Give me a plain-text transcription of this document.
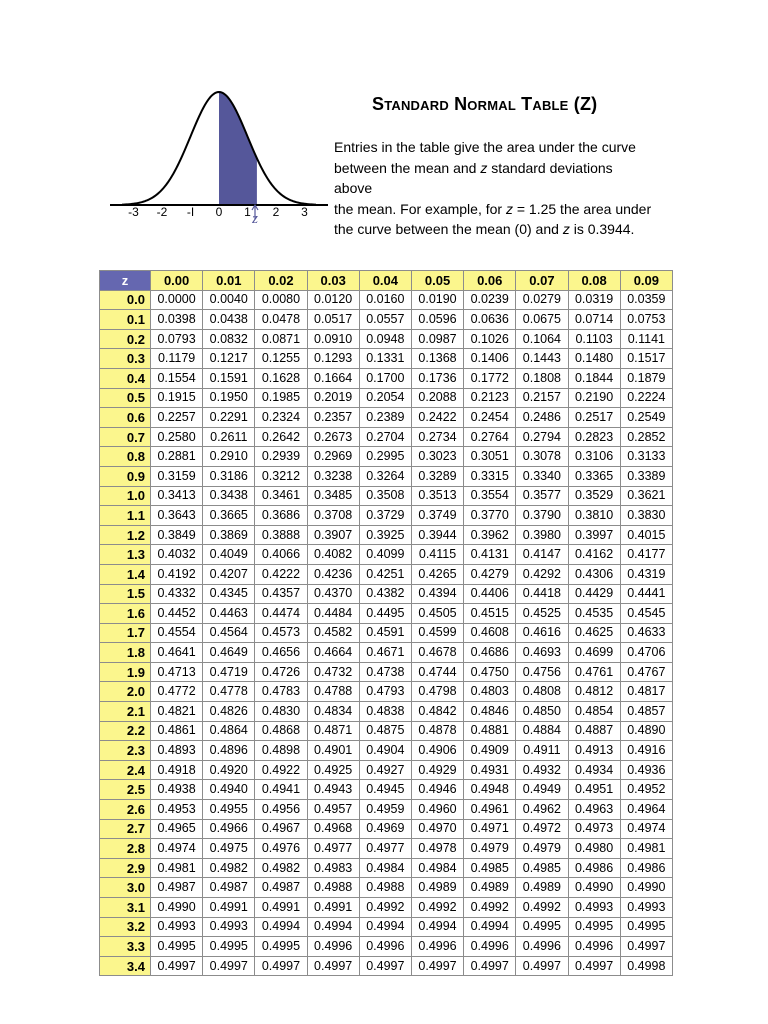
-3 -2 -I 0 1 2 3
z
Standard Normal Table (Z)

Entries in the table give the area under the curve
between the mean and z standard deviations above
the mean. For example, for z = 1.25 the area under
the curve between the mean (0) and z is 0.3944.

z	0.00	0.01	0.02	0.03	0.04	0.05	0.06	0.07	0.08	0.09
0.0	0.0000	0.0040	0.0080	0.0120	0.0160	0.0190	0.0239	0.0279	0.0319	0.0359
0.1	0.0398	0.0438	0.0478	0.0517	0.0557	0.0596	0.0636	0.0675	0.0714	0.0753
0.2	0.0793	0.0832	0.0871	0.0910	0.0948	0.0987	0.1026	0.1064	0.1103	0.1141
0.3	0.1179	0.1217	0.1255	0.1293	0.1331	0.1368	0.1406	0.1443	0.1480	0.1517
0.4	0.1554	0.1591	0.1628	0.1664	0.1700	0.1736	0.1772	0.1808	0.1844	0.1879
0.5	0.1915	0.1950	0.1985	0.2019	0.2054	0.2088	0.2123	0.2157	0.2190	0.2224
0.6	0.2257	0.2291	0.2324	0.2357	0.2389	0.2422	0.2454	0.2486	0.2517	0.2549
0.7	0.2580	0.2611	0.2642	0.2673	0.2704	0.2734	0.2764	0.2794	0.2823	0.2852
0.8	0.2881	0.2910	0.2939	0.2969	0.2995	0.3023	0.3051	0.3078	0.3106	0.3133
0.9	0.3159	0.3186	0.3212	0.3238	0.3264	0.3289	0.3315	0.3340	0.3365	0.3389
1.0	0.3413	0.3438	0.3461	0.3485	0.3508	0.3513	0.3554	0.3577	0.3529	0.3621
1.1	0.3643	0.3665	0.3686	0.3708	0.3729	0.3749	0.3770	0.3790	0.3810	0.3830
1.2	0.3849	0.3869	0.3888	0.3907	0.3925	0.3944	0.3962	0.3980	0.3997	0.4015
1.3	0.4032	0.4049	0.4066	0.4082	0.4099	0.4115	0.4131	0.4147	0.4162	0.4177
1.4	0.4192	0.4207	0.4222	0.4236	0.4251	0.4265	0.4279	0.4292	0.4306	0.4319
1.5	0.4332	0.4345	0.4357	0.4370	0.4382	0.4394	0.4406	0.4418	0.4429	0.4441
1.6	0.4452	0.4463	0.4474	0.4484	0.4495	0.4505	0.4515	0.4525	0.4535	0.4545
1.7	0.4554	0.4564	0.4573	0.4582	0.4591	0.4599	0.4608	0.4616	0.4625	0.4633
1.8	0.4641	0.4649	0.4656	0.4664	0.4671	0.4678	0.4686	0.4693	0.4699	0.4706
1.9	0.4713	0.4719	0.4726	0.4732	0.4738	0.4744	0.4750	0.4756	0.4761	0.4767
2.0	0.4772	0.4778	0.4783	0.4788	0.4793	0.4798	0.4803	0.4808	0.4812	0.4817
2.1	0.4821	0.4826	0.4830	0.4834	0.4838	0.4842	0.4846	0.4850	0.4854	0.4857
2.2	0.4861	0.4864	0.4868	0.4871	0.4875	0.4878	0.4881	0.4884	0.4887	0.4890
2.3	0.4893	0.4896	0.4898	0.4901	0.4904	0.4906	0.4909	0.4911	0.4913	0.4916
2.4	0.4918	0.4920	0.4922	0.4925	0.4927	0.4929	0.4931	0.4932	0.4934	0.4936
2.5	0.4938	0.4940	0.4941	0.4943	0.4945	0.4946	0.4948	0.4949	0.4951	0.4952
2.6	0.4953	0.4955	0.4956	0.4957	0.4959	0.4960	0.4961	0.4962	0.4963	0.4964
2.7	0.4965	0.4966	0.4967	0.4968	0.4969	0.4970	0.4971	0.4972	0.4973	0.4974
2.8	0.4974	0.4975	0.4976	0.4977	0.4977	0.4978	0.4979	0.4979	0.4980	0.4981
2.9	0.4981	0.4982	0.4982	0.4983	0.4984	0.4984	0.4985	0.4985	0.4986	0.4986
3.0	0.4987	0.4987	0.4987	0.4988	0.4988	0.4989	0.4989	0.4989	0.4990	0.4990
3.1	0.4990	0.4991	0.4991	0.4991	0.4992	0.4992	0.4992	0.4992	0.4993	0.4993
3.2	0.4993	0.4993	0.4994	0.4994	0.4994	0.4994	0.4994	0.4995	0.4995	0.4995
3.3	0.4995	0.4995	0.4995	0.4996	0.4996	0.4996	0.4996	0.4996	0.4996	0.4997
3.4	0.4997	0.4997	0.4997	0.4997	0.4997	0.4997	0.4997	0.4997	0.4997	0.4998
